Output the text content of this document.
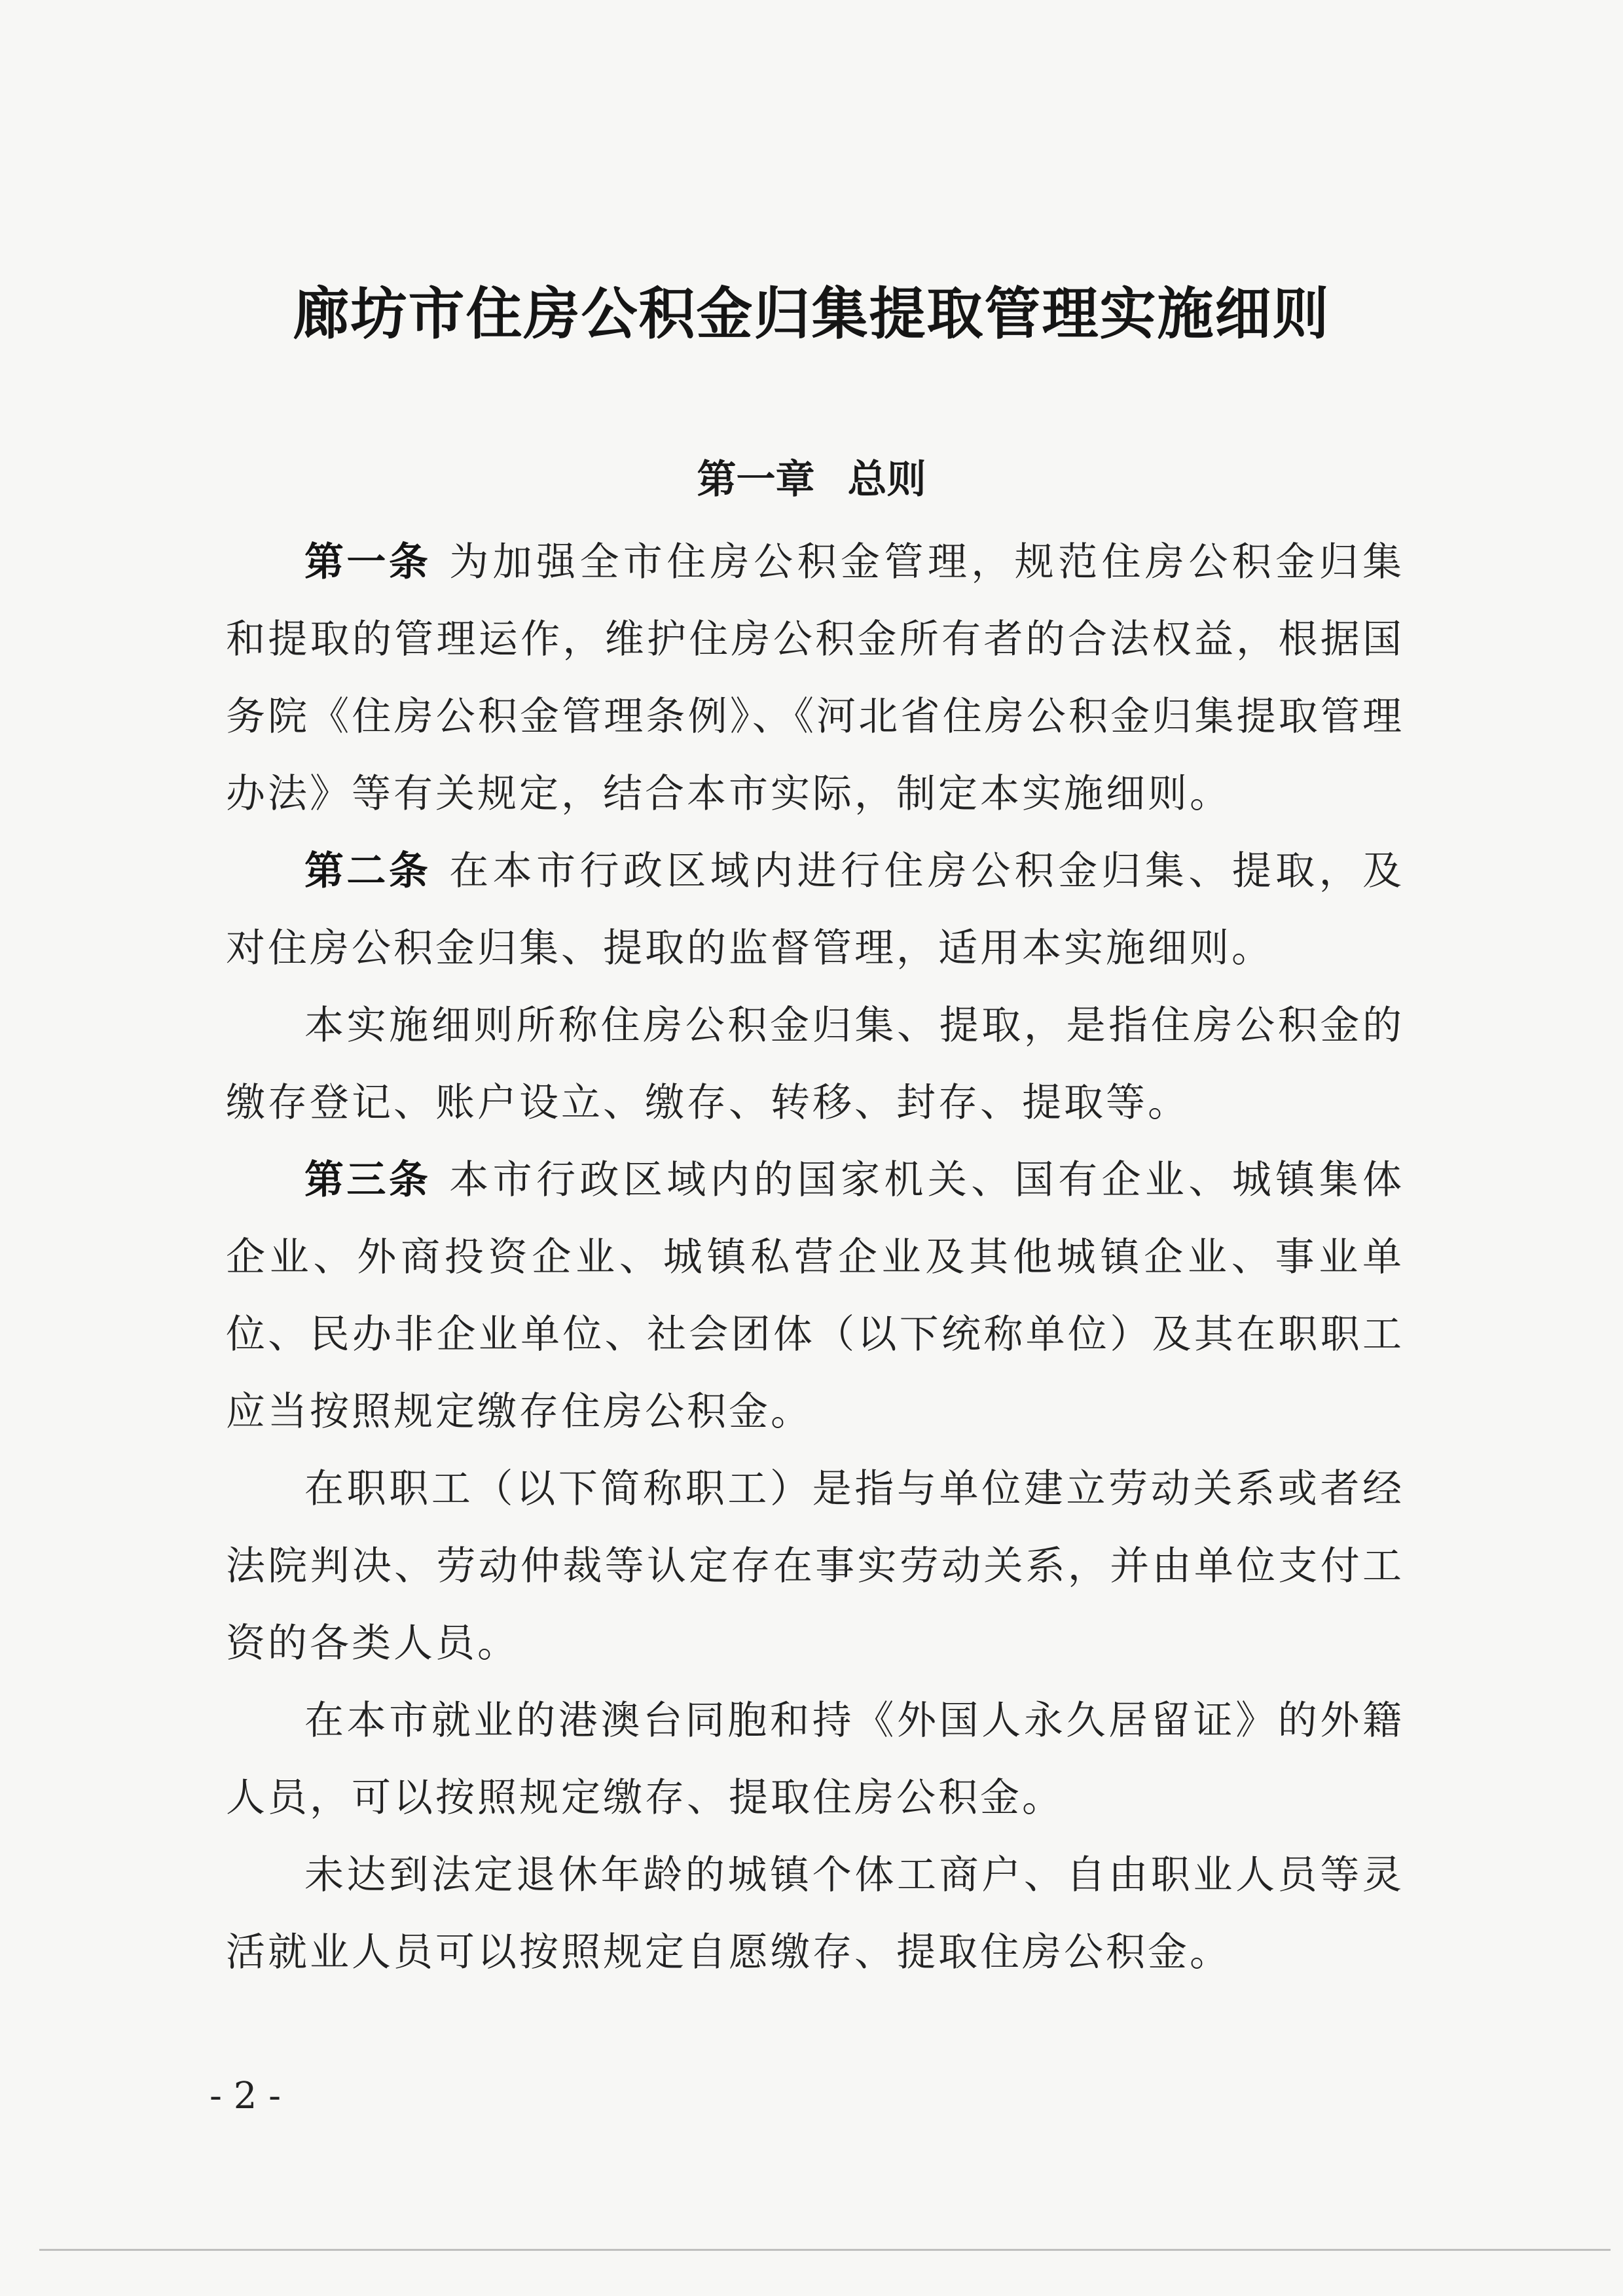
廊坊市住房公积金归集提取管理实施细则
第一章 总则

第一条 为加强全市住房公积金管理，规范住房公积金归集和提取的管理运作，维护住房公积金所有者的合法权益，根据国务院《住房公积金管理条例》、《河北省住房公积金归集提取管理办法》等有关规定，结合本市实际，制定本实施细则。

第二条 在本市行政区域内进行住房公积金归集、提取，及对住房公积金归集、提取的监督管理，适用本实施细则。

本实施细则所称住房公积金归集、提取，是指住房公积金的缴存登记、账户设立、缴存、转移、封存、提取等。

第三条 本市行政区域内的国家机关、国有企业、城镇集体企业、外商投资企业、城镇私营企业及其他城镇企业、事业单位、民办非企业单位、社会团体（以下统称单位）及其在职职工应当按照规定缴存住房公积金。

在职职工（以下简称职工）是指与单位建立劳动关系或者经法院判决、劳动仲裁等认定存在事实劳动关系，并由单位支付工资的各类人员。

在本市就业的港澳台同胞和持《外国人永久居留证》的外籍人员，可以按照规定缴存、提取住房公积金。

未达到法定退休年龄的城镇个体工商户、自由职业人员等灵活就业人员可以按照规定自愿缴存、提取住房公积金。

- 2 -
